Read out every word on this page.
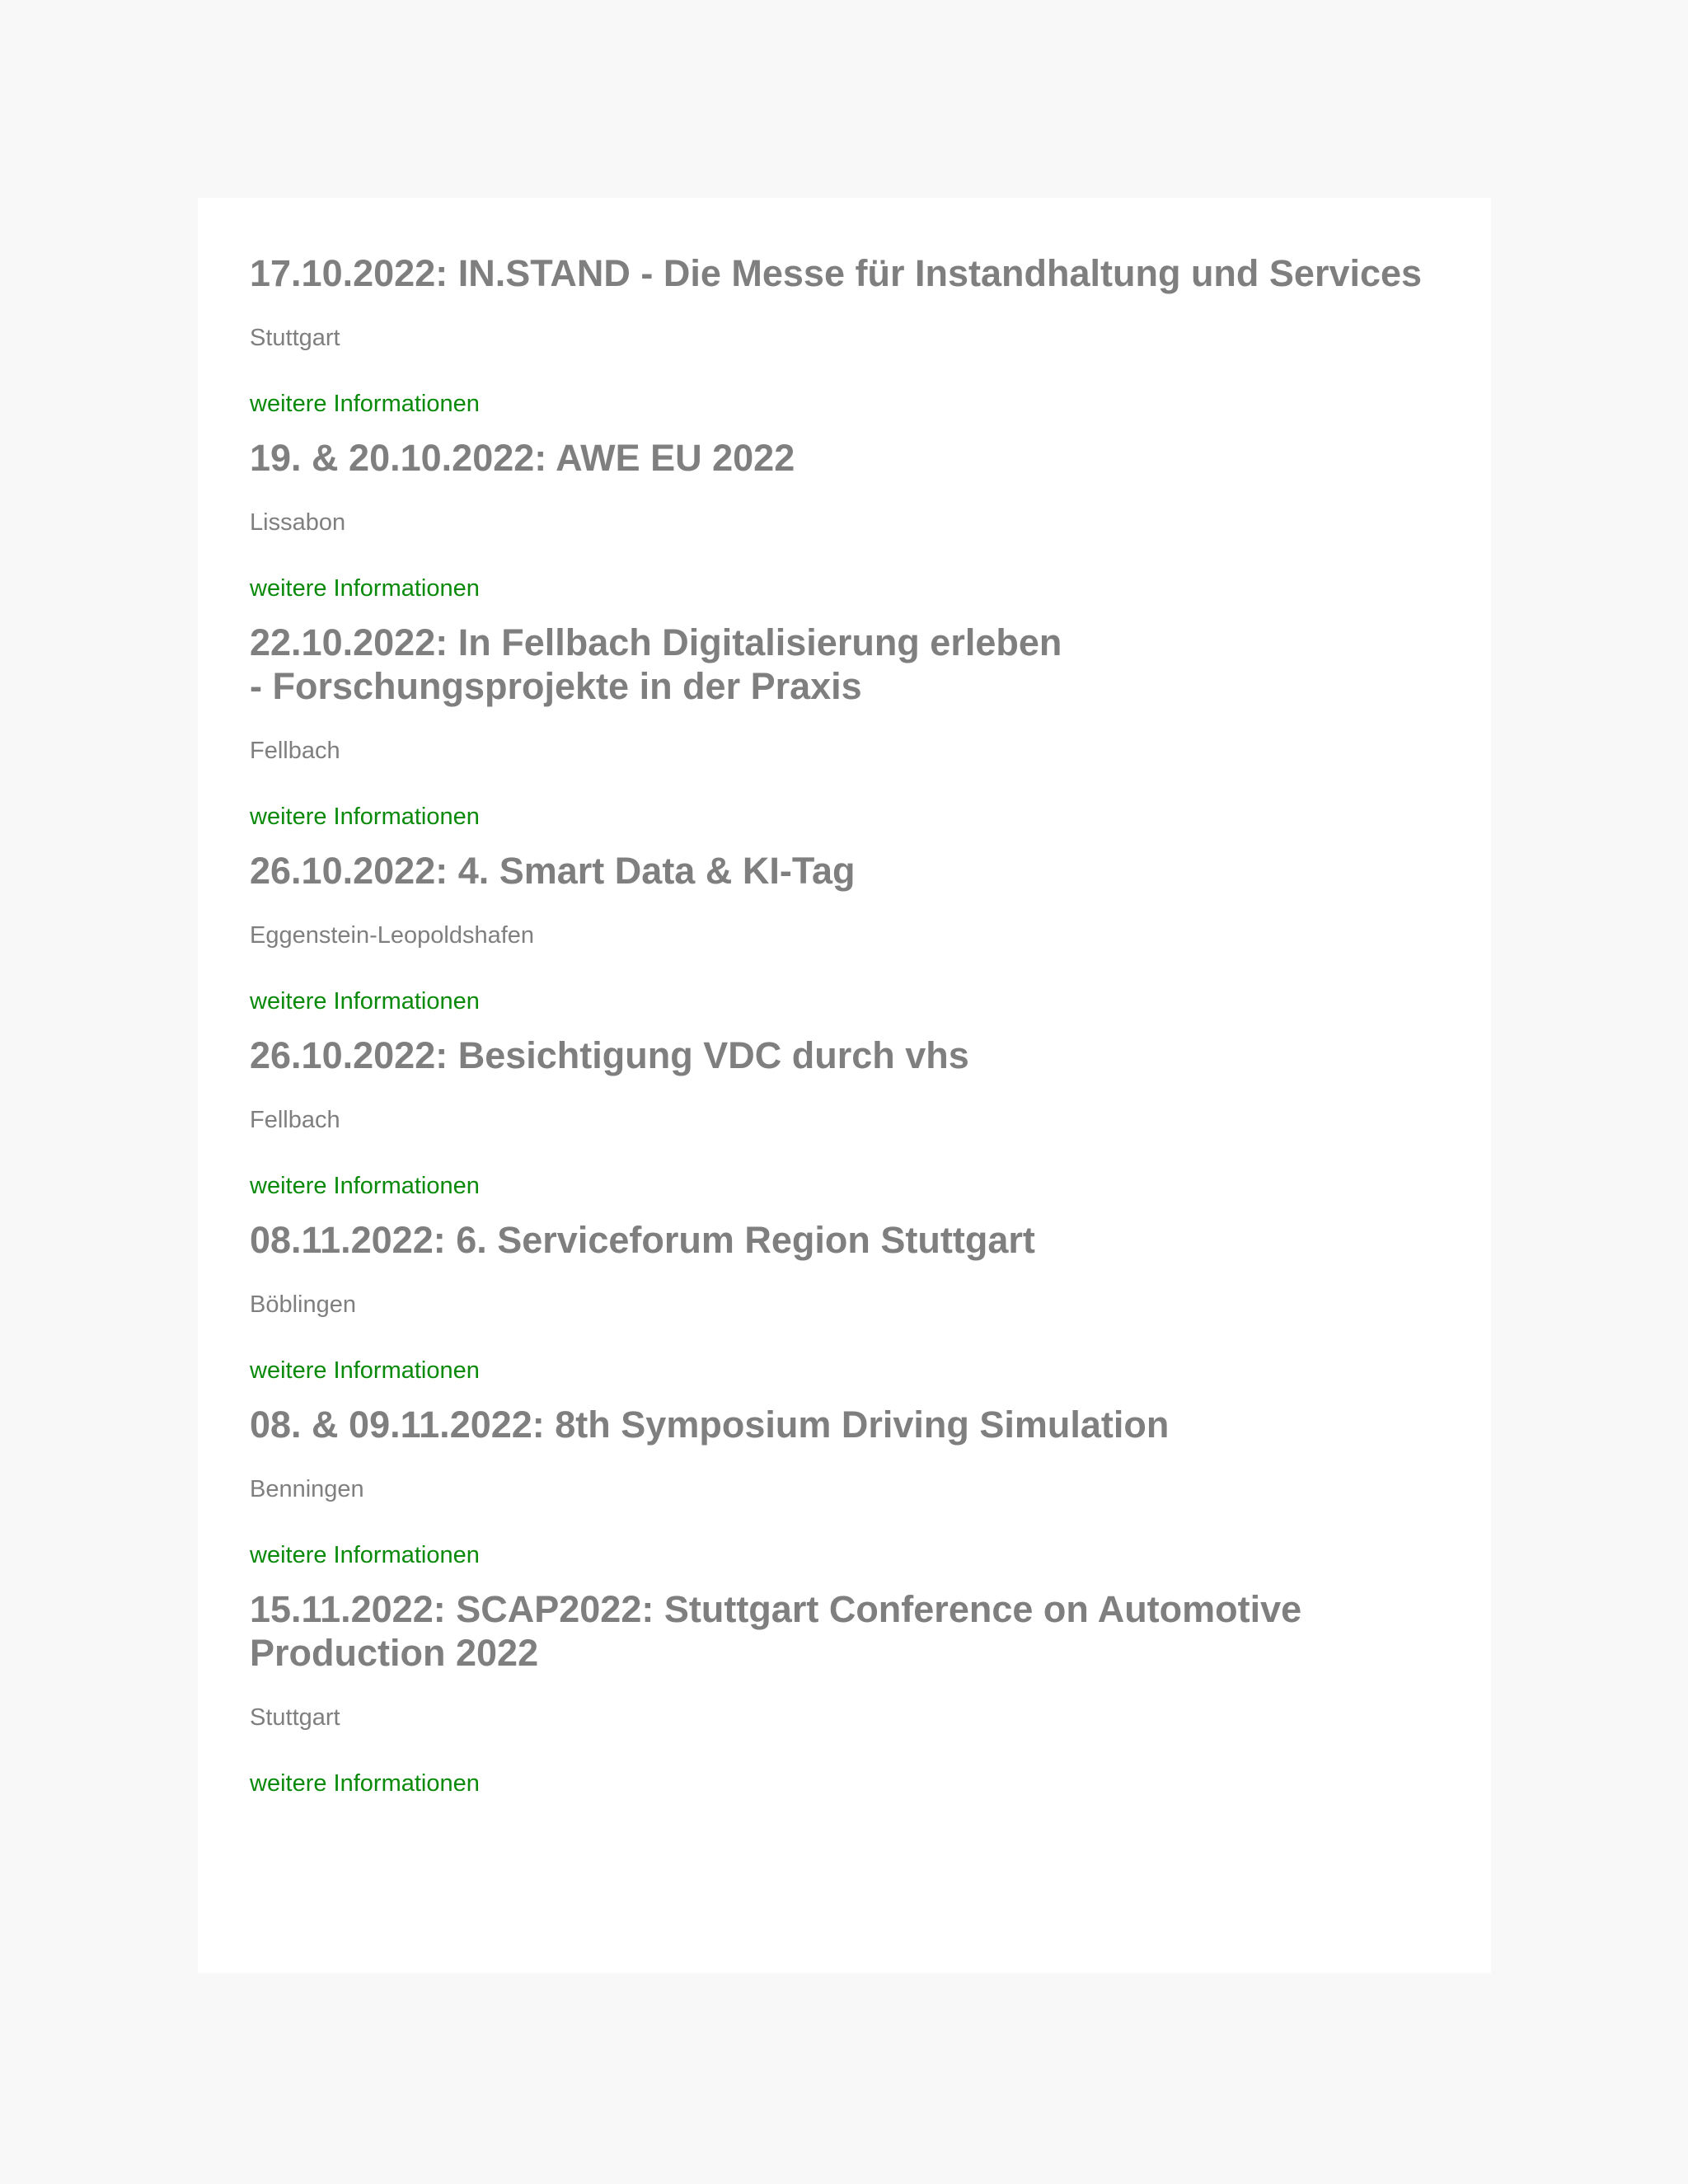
17.10.2022: IN.STAND - Die Messe für Instandhaltung und Services

Stuttgart

weitere Informationen
19. & 20.10.2022: AWE EU 2022

Lissabon

weitere Informationen
22.10.2022: In Fellbach Digitalisierung erleben
- Forschungsprojekte in der Praxis

Fellbach

weitere Informationen
26.10.2022: 4. Smart Data & KI-Tag

Eggenstein-Leopoldshafen

weitere Informationen
26.10.2022: Besichtigung VDC durch vhs

Fellbach

weitere Informationen
08.11.2022: 6. Serviceforum Region Stuttgart

Böblingen

weitere Informationen
08. & 09.11.2022: 8th Symposium Driving Simulation

Benningen

weitere Informationen
15.11.2022: SCAP2022: Stuttgart Conference on Automotive
Production 2022

Stuttgart

weitere Informationen
